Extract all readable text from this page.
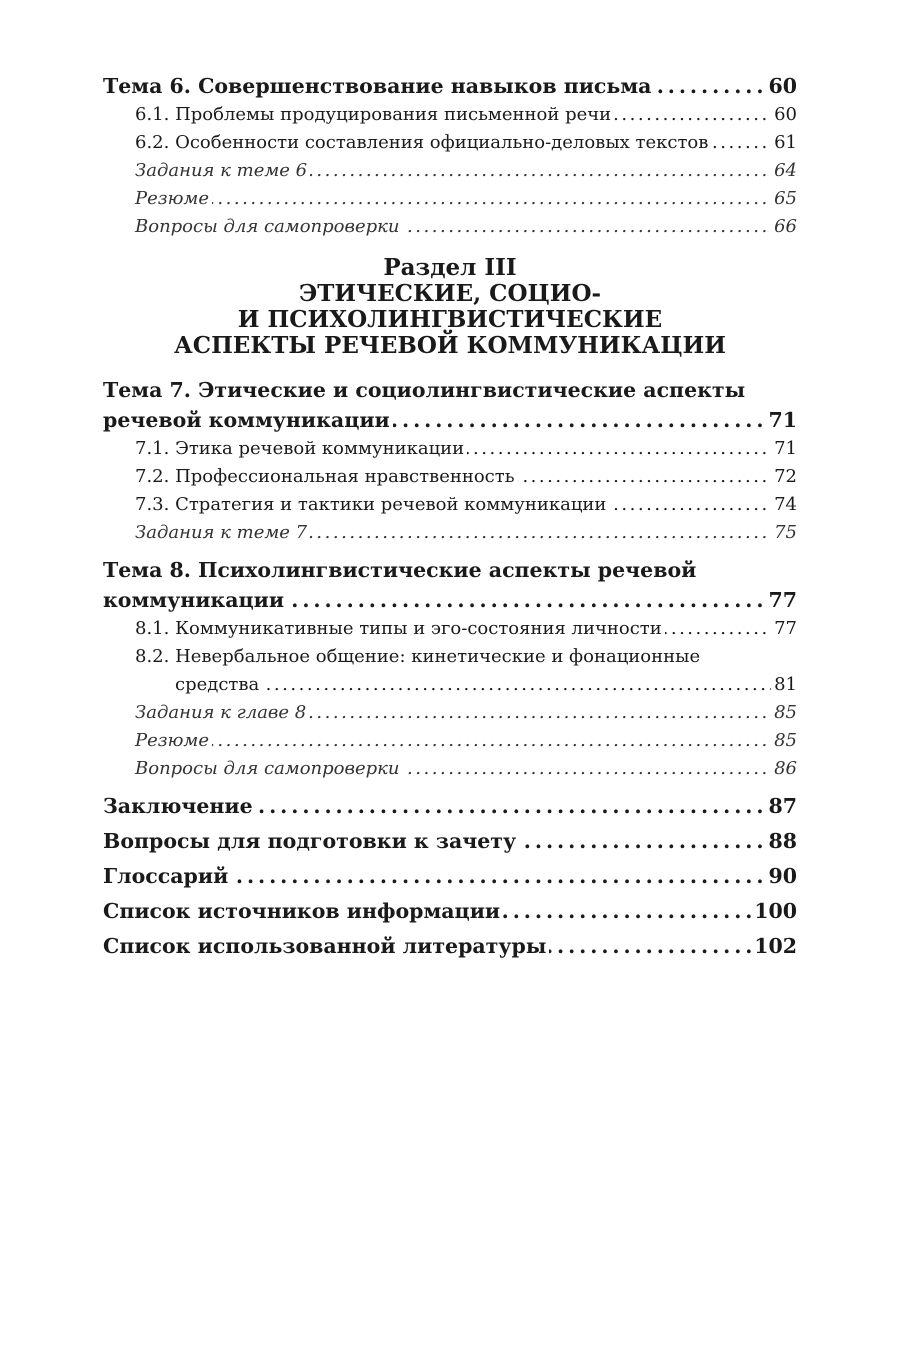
Тема 6. Совершенствование навыков письма	60
. . .
6.1. Проблемы продуцирования письменной речи	60
. . .
6.2. Особенности составления официально-деловых текстов	61
. . .
Задания к теме 6	64
. . .
Резюме	65
. . .
Вопросы для самопроверки	66
. . .
Раздел III
ЭТИЧЕСКИЕ, СОЦИО-
И ПСИХОЛИНГВИСТИЧЕСКИЕ
АСПЕКТЫ РЕЧЕВОЙ КОММУНИКАЦИИ
Тема 7. Этические и социолингвистические аспекты
речевой коммуникации	71
. . .
7.1. Этика речевой коммуникации	71
. . .
7.2. Профессиональная нравственность	72
. . .
7.3. Стратегия и тактики речевой коммуникации	74
. . .
Задания к теме 7	75
. . .
Тема 8. Психолингвистические аспекты речевой
коммуникации	77
. . .
8.1. Коммуникативные типы и эго-состояния личности	77
. . .
8.2. Невербальное общение: кинетические и фонационные
средства	81
. . .
Задания к главе 8	85
. . .
Резюме	85
. . .
Вопросы для самопроверки	86
. . .
Заключение	87
. . .
Вопросы для подготовки к зачету	88
. . .
Глоссарий	90
. . .
Список источников информации	100
. . .
Список использованной литературы	102
. . .
